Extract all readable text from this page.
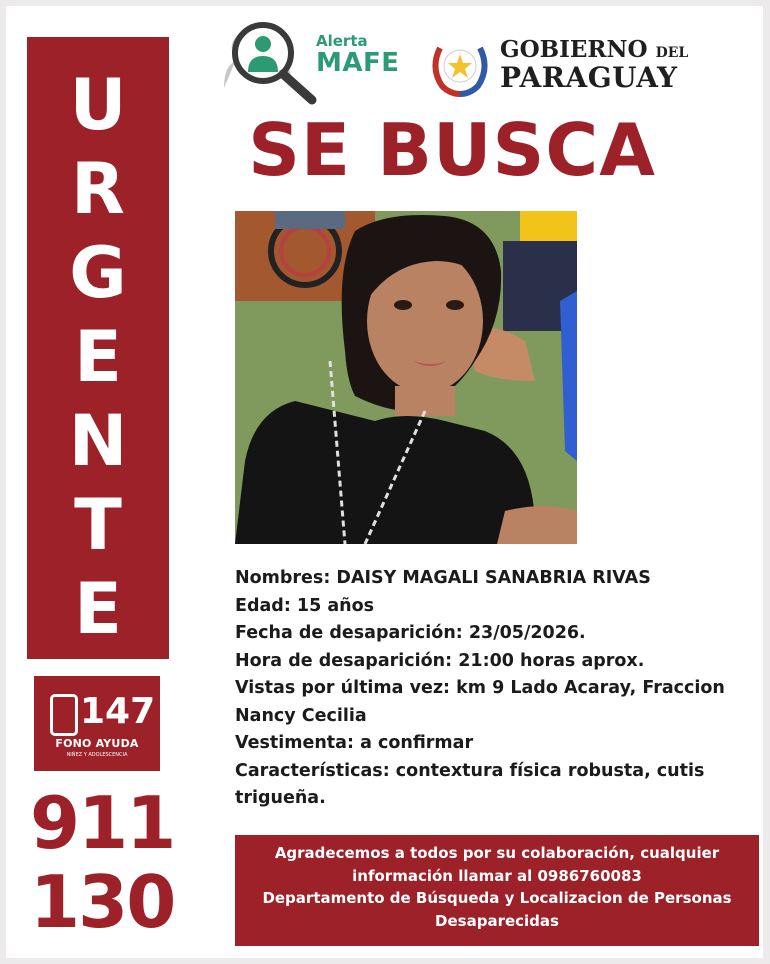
U
R
G
E
N
T
E
147
FONO AYUDA
NIÑEZ Y ADOLESCENCIA
911
130
Alerta
MAFE	GOBIERNO DEL
PARAGUAY
SE BUSCA
Nombres: DAISY MAGALI SANABRIA RIVAS
Edad: 15 años
Fecha de desaparición: 23/05/2026.
Hora de desaparición: 21:00 horas aprox.
Vistas por última vez: km 9 Lado Acaray, Fraccion
Nancy Cecilia
Vestimenta: a confirmar
Características: contextura física robusta, cutis
trigueña.
Agradecemos a todos por su colaboración, cualquier
información llamar al 0986760083
Departamento de Búsqueda y Localizacion de Personas
Desaparecidas
